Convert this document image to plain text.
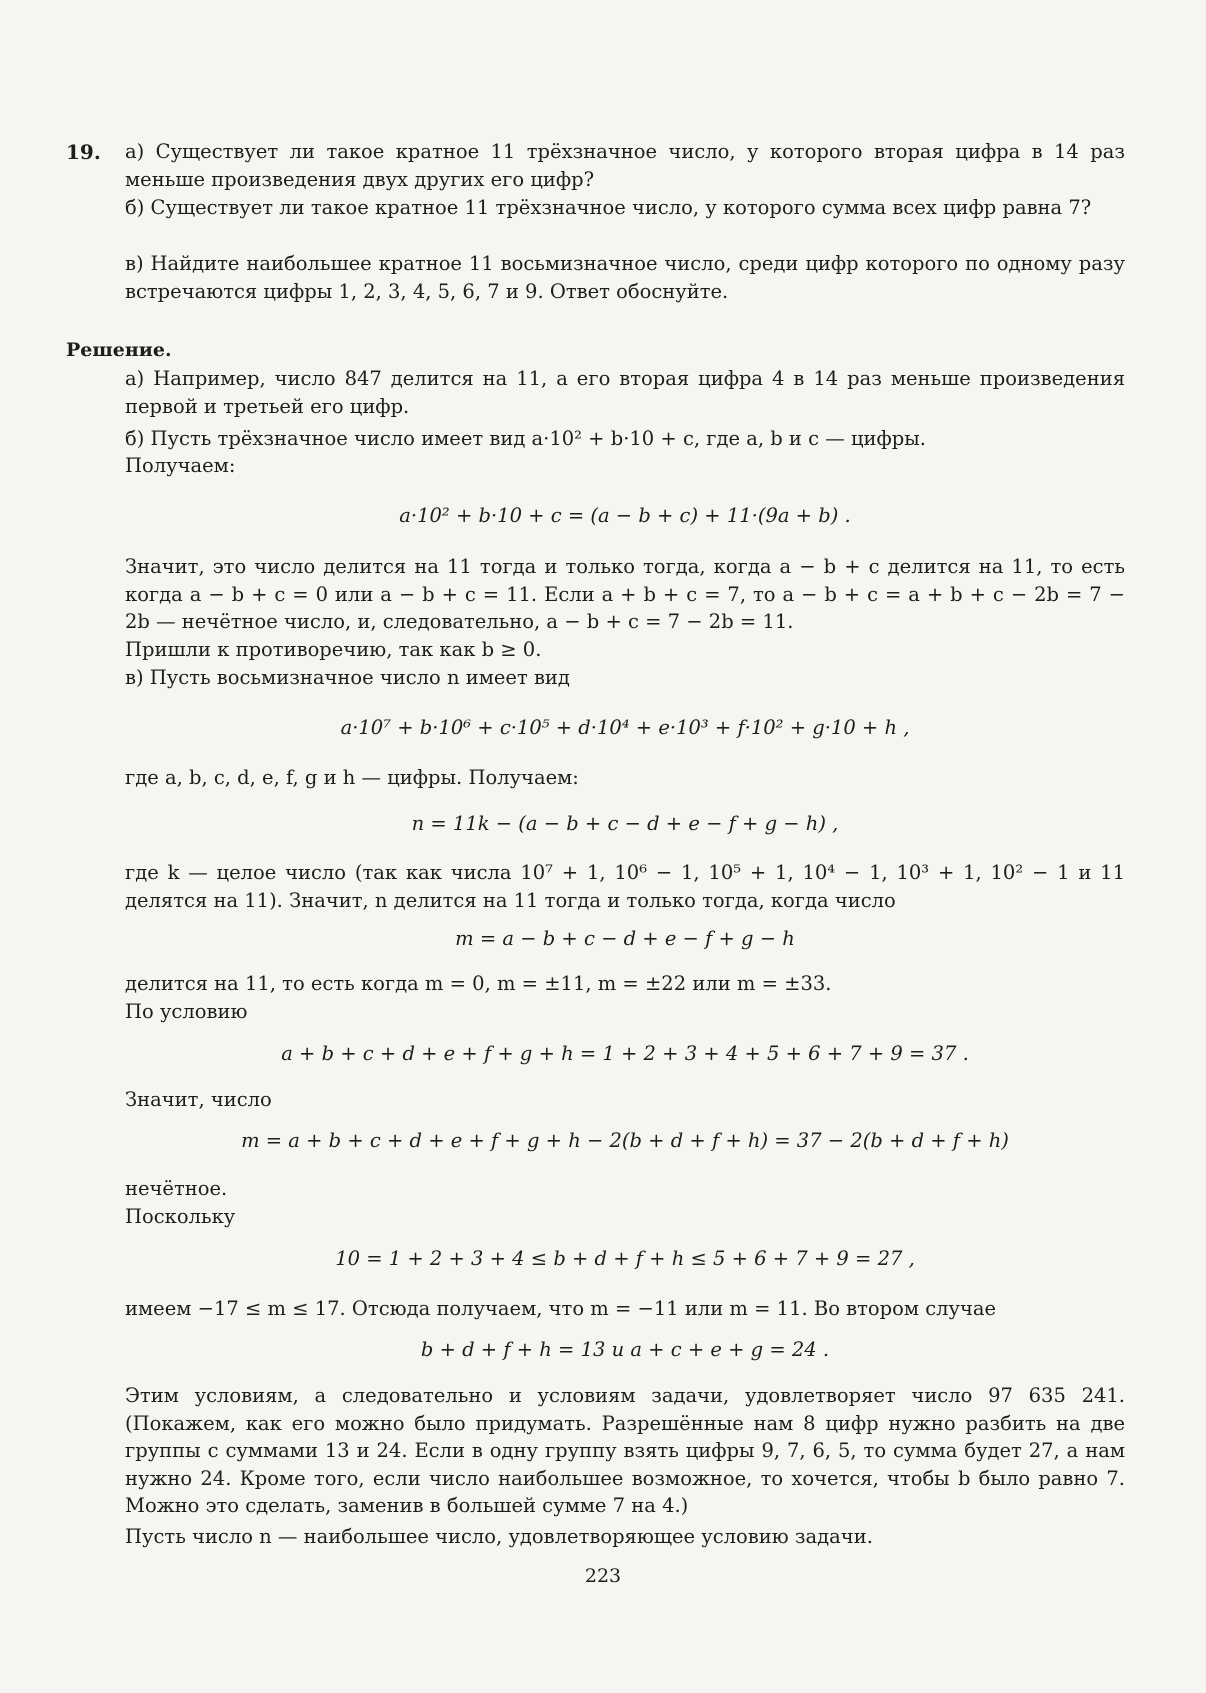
19. а) Существует ли такое кратное 11 трёхзначное число, у которого вторая цифра в 14 раз меньше произведения двух других его цифр?

б) Существует ли такое кратное 11 трёхзначное число, у которого сумма всех цифр равна 7?

в) Найдите наибольшее кратное 11 восьмизначное число, среди цифр которого по одному разу встречаются цифры 1, 2, 3, 4, 5, 6, 7 и 9. Ответ обоснуйте.

Решение.

а) Например, число 847 делится на 11, а его вторая цифра 4 в 14 раз меньше произведения первой и третьей его цифр.

б) Пусть трёхзначное число имеет вид a·10² + b·10 + c, где a, b и c — цифры.

Получаем:

a·10² + b·10 + c = (a − b + c) + 11·(9a + b) .

Значит, это число делится на 11 тогда и только тогда, когда a − b + c делится на 11, то есть когда a − b + c = 0 или a − b + c = 11. Если a + b + c = 7, то a − b + c = a + b + c − 2b = 7 − 2b — нечётное число, и, следовательно, a − b + c = 7 − 2b = 11.

Пришли к противоречию, так как b ≥ 0.

в) Пусть восьмизначное число n имеет вид

a·10⁷ + b·10⁶ + c·10⁵ + d·10⁴ + e·10³ + f·10² + g·10 + h ,

где a, b, c, d, e, f, g и h — цифры. Получаем:

n = 11k − (a − b + c − d + e − f + g − h) ,

где k — целое число (так как числа 10⁷ + 1, 10⁶ − 1, 10⁵ + 1, 10⁴ − 1, 10³ + 1, 10² − 1 и 11 делятся на 11). Значит, n делится на 11 тогда и только тогда, когда число

m = a − b + c − d + e − f + g − h

делится на 11, то есть когда m = 0, m = ±11, m = ±22 или m = ±33.

По условию

a + b + c + d + e + f + g + h = 1 + 2 + 3 + 4 + 5 + 6 + 7 + 9 = 37 .

Значит, число

m = a + b + c + d + e + f + g + h − 2(b + d + f + h) = 37 − 2(b + d + f + h)

нечётное.

Поскольку

10 = 1 + 2 + 3 + 4 ≤ b + d + f + h ≤ 5 + 6 + 7 + 9 = 27 ,

имеем −17 ≤ m ≤ 17. Отсюда получаем, что m = −11 или m = 11. Во втором случае

b + d + f + h = 13 и a + c + e + g = 24 .

Этим условиям, а следовательно и условиям задачи, удовлетворяет число 97 635 241. (Покажем, как его можно было придумать. Разрешённые нам 8 цифр нужно разбить на две группы с суммами 13 и 24. Если в одну группу взять цифры 9, 7, 6, 5, то сумма будет 27, а нам нужно 24. Кроме того, если число наибольшее возможное, то хочется, чтобы b было равно 7. Можно это сделать, заменив в большей сумме 7 на 4.)

Пусть число n — наибольшее число, удовлетворяющее условию задачи.

223
